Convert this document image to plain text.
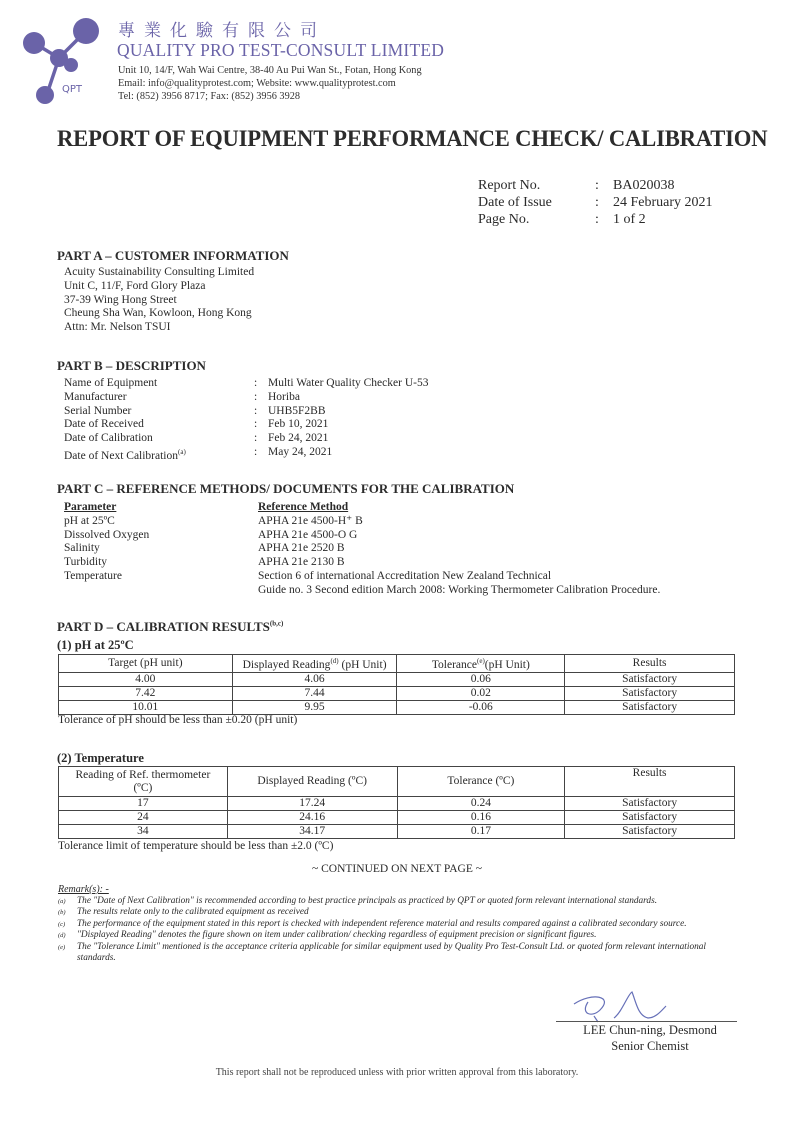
QPT
專業化驗有限公司
QUALITY PRO TEST-CONSULT LIMITED
Unit 10, 14/F, Wah Wai Centre, 38-40 Au Pui Wan St., Fotan, Hong Kong
Email: info@qualityprotest.com; Website: www.qualityprotest.com
Tel: (852) 3956 8717; Fax: (852) 3956 3928
REPORT OF EQUIPMENT PERFORMANCE CHECK/ CALIBRATION
Report No.	:	BA020038
Date of Issue	:	24 February 2021
Page No.	:	1 of 2
PART A – CUSTOMER INFORMATION
Acuity Sustainability Consulting Limited
Unit C, 11/F, Ford Glory Plaza
37-39 Wing Hong Street
Cheung Sha Wan, Kowloon, Hong Kong
Attn: Mr. Nelson TSUI
PART B – DESCRIPTION
Name of Equipment	: Multi Water Quality Checker U-53
Manufacturer	: Horiba
Serial Number	: UHB5F2BB
Date of Received	: Feb 10, 2021
Date of Calibration	: Feb 24, 2021
Date of Next Calibration$^{(a)}$	: May 24, 2021
PART C – REFERENCE METHODS/ DOCUMENTS FOR THE CALIBRATION
Parameter	Reference Method
pH at 25ºC	APHA 21e 4500-H⁺ B
Dissolved Oxygen	APHA 21e 4500-O G
Salinity	APHA 21e 2520 B
Turbidity	APHA 21e 2130 B
Temperature	Section 6 of international Accreditation New Zealand Technical
Guide no. 3 Second edition March 2008: Working Thermometer Calibration Procedure.
PART D – CALIBRATION RESULTS$^{(b,c)}$
(1) pH at 25ºC
Target (pH unit)	Displayed Reading$^{(d)}$ (pH Unit)	Tolerance$^{(e)}$(pH Unit)	Results
4.00	4.06	0.06	Satisfactory
7.42	7.44	0.02	Satisfactory
10.01	9.95	-0.06	Satisfactory
Tolerance of pH should be less than ±0.20 (pH unit)
(2) Temperature
Reading of Ref. thermometer (ºC)	Displayed Reading (ºC)	Tolerance (ºC)	Results
17	17.24	0.24	Satisfactory
24	24.16	0.16	Satisfactory
34	34.17	0.17	Satisfactory
Tolerance limit of temperature should be less than ±2.0 (ºC)
~ CONTINUED ON NEXT PAGE ~
Remark(s): -
(a)	The "Date of Next Calibration" is recommended according to best practice principals as practiced by QPT or quoted form relevant international standards.
(b)	The results relate only to the calibrated equipment as received
(c)	The performance of the equipment stated in this report is checked with independent reference material and results compared against a calibrated secondary source.
(d)	"Displayed Reading" denotes the figure shown on item under calibration/ checking regardless of equipment precision or significant figures.
(e)	The "Tolerance Limit" mentioned is the acceptance criteria applicable for similar equipment used by Quality Pro Test-Consult Ltd. or quoted form relevant international standards.
LEE Chun-ning, Desmond
Senior Chemist
This report shall not be reproduced unless with prior written approval from this laboratory.
